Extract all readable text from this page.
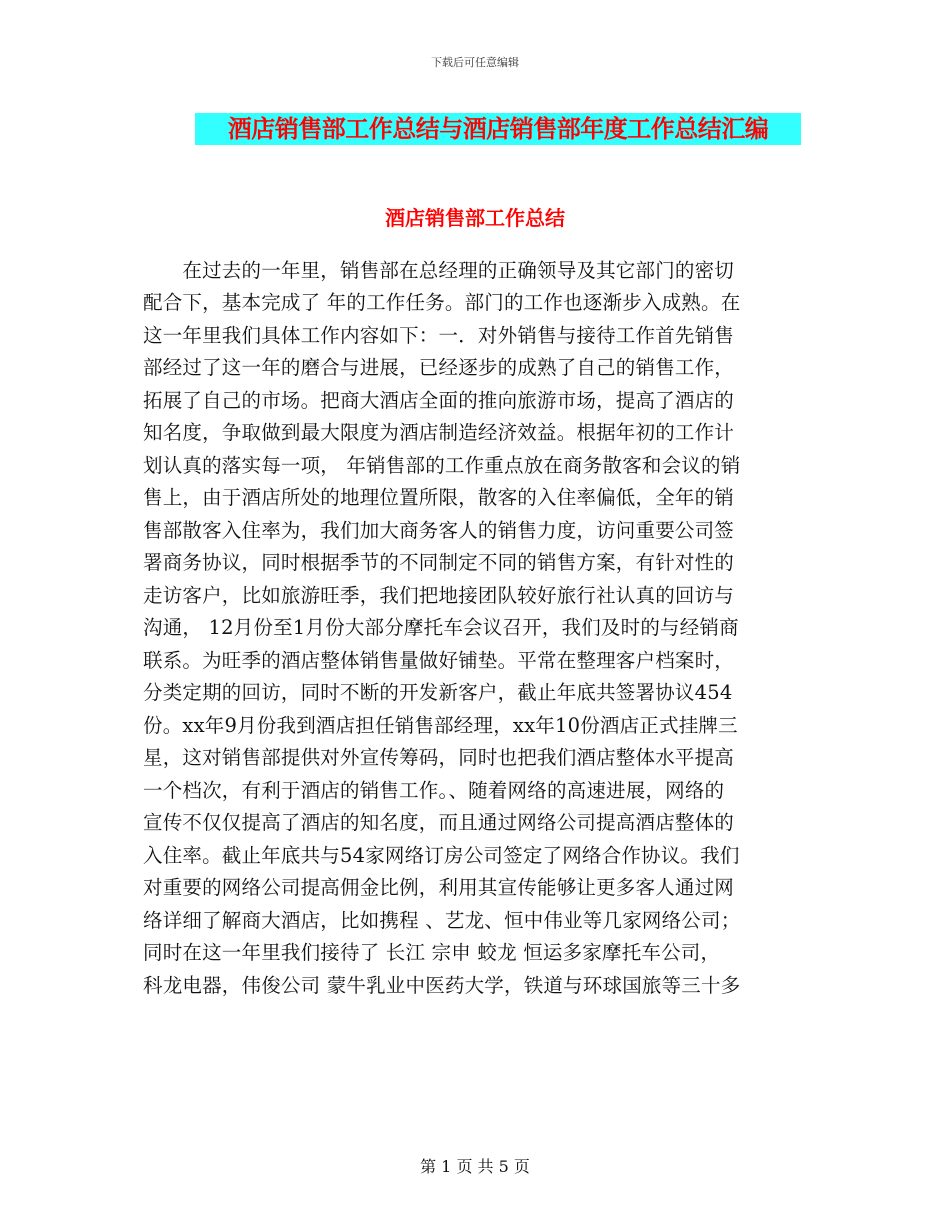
下载后可任意编辑
酒店销售部工作总结与酒店销售部年度工作总结汇编
酒店销售部工作总结
　　在过去的一年里，销售部在总经理的正确领导及其它部门的密切
配合下，基本完成了 年的工作任务。部门的工作也逐渐步入成熟。在
这一年里我们具体工作内容如下：一．对外销售与接待工作首先销售
部经过了这一年的磨合与进展，已经逐步的成熟了自己的销售工作，
拓展了自己的市场。把商大酒店全面的推向旅游市场，提高了酒店的
知名度，争取做到最大限度为酒店制造经济效益。根据年初的工作计
划认真的落实每一项， 年销售部的工作重点放在商务散客和会议的销
售上，由于酒店所处的地理位置所限，散客的入住率偏低，全年的销
售部散客入住率为，我们加大商务客人的销售力度，访问重要公司签
署商务协议，同时根据季节的不同制定不同的销售方案，有针对性的
走访客户，比如旅游旺季，我们把地接团队较好旅行社认真的回访与
沟通， 12月份至1月份大部分摩托车会议召开，我们及时的与经销商
联系。为旺季的酒店整体销售量做好铺垫。平常在整理客户档案时，
分类定期的回访，同时不断的开发新客户，截止年底共签署协议454
份。xx年9月份我到酒店担任销售部经理，xx年10份酒店正式挂牌三
星，这对销售部提供对外宣传筹码，同时也把我们酒店整体水平提高
一个档次，有利于酒店的销售工作。、随着网络的高速进展，网络的
宣传不仅仅提高了酒店的知名度，而且通过网络公司提高酒店整体的
入住率。截止年底共与54家网络订房公司签定了网络合作协议。我们
对重要的网络公司提高佣金比例，利用其宣传能够让更多客人通过网
络详细了解商大酒店，比如携程 、艺龙、恒中伟业等几家网络公司；
同时在这一年里我们接待了 长江 宗申 蛟龙 恒运多家摩托车公司，
科龙电器，伟俊公司 蒙牛乳业中医药大学，铁道与环球国旅等三十多
第 1 页 共 5 页
